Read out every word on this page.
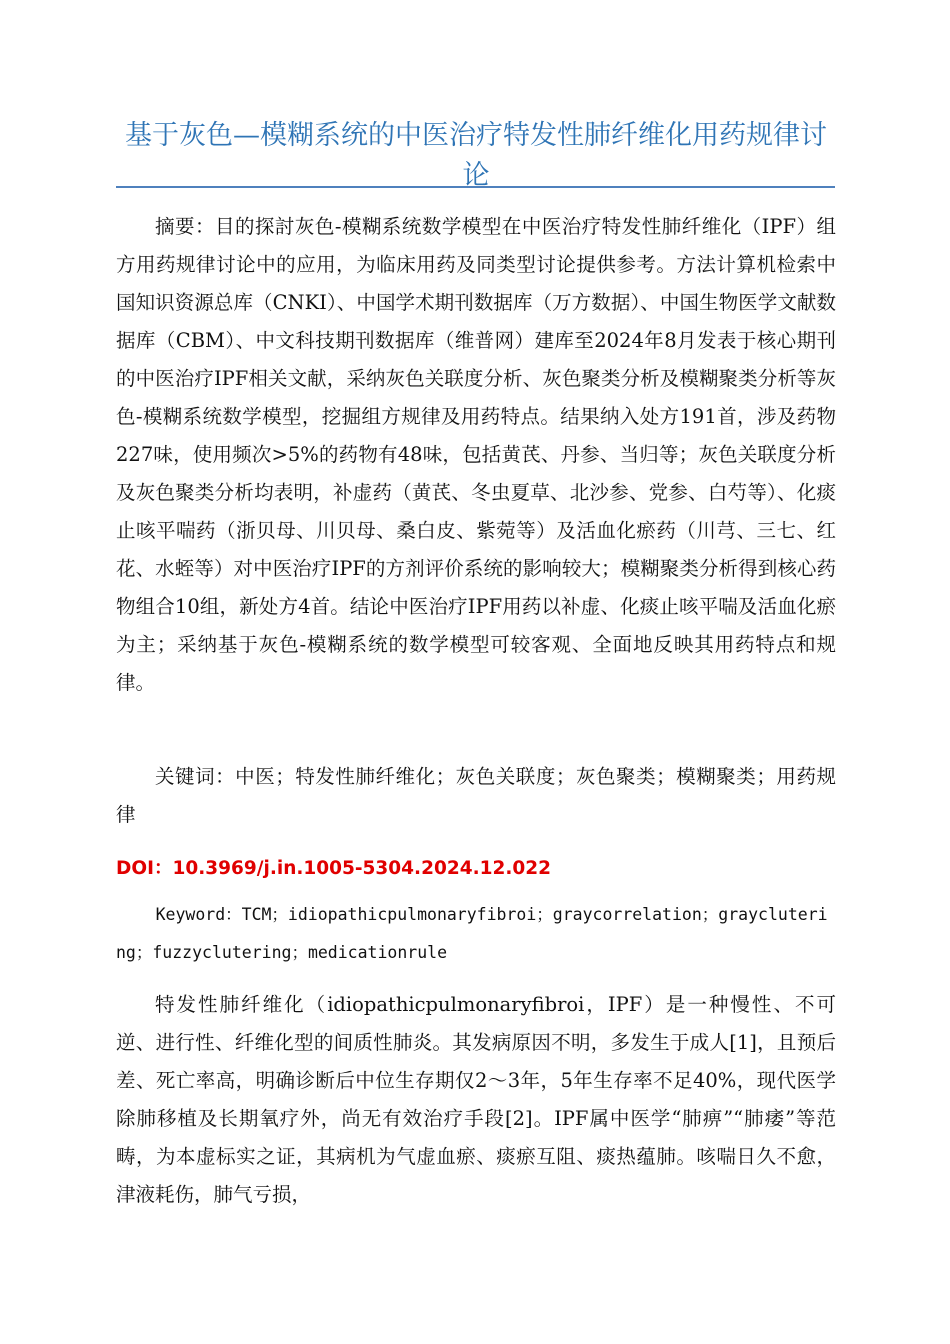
基于灰色—模糊系统的中医治疗特发性肺纤维化用药规律讨论

摘要：目的探討灰色-模糊系统数学模型在中医治疗特发性肺纤维化（IPF）组方用药规律讨论中的应用，为临床用药及同类型讨论提供参考。方法计算机检索中国知识资源总库（CNKI）、中国学术期刊数据库（万方数据）、中国生物医学文献数据库（CBM）、中文科技期刊数据库（维普网）建库至2024年8月发表于核心期刊的中医治疗IPF相关文献，采纳灰色关联度分析、灰色聚类分析及模糊聚类分析等灰色-模糊系统数学模型，挖掘组方规律及用药特点。结果纳入处方191首，涉及药物227味，使用频次>5%的药物有48味，包括黄芪、丹参、当归等；灰色关联度分析及灰色聚类分析均表明，补虚药（黄芪、冬虫夏草、北沙参、党参、白芍等）、化痰止咳平喘药（浙贝母、川贝母、桑白皮、紫菀等）及活血化瘀药（川芎、三七、红花、水蛭等）对中医治疗IPF的方剂评价系统的影响较大；模糊聚类分析得到核心药物组合10组，新处方4首。结论中医治疗IPF用药以补虚、化痰止咳平喘及活血化瘀为主；采纳基于灰色-模糊系统的数学模型可较客观、全面地反映其用药特点和规律。

关键词：中医；特发性肺纤维化；灰色关联度；灰色聚类；模糊聚类；用药规律

DOI：10.3969/j.in.1005-5304.2024.12.022

Keyword：TCM；idiopathicpulmonaryfibroi；graycorrelation；grayclutering；fuzzyclutering；medicationrule

特发性肺纤维化（idiopathicpulmonaryfibroi，IPF）是一种慢性、不可逆、进行性、纤维化型的间质性肺炎。其发病原因不明，多发生于成人[1]，且预后差、死亡率高，明确诊断后中位生存期仅2～3年，5年生存率不足40%，现代医学除肺移植及长期氧疗外，尚无有效治疗手段[2]。IPF属中医学“肺痹”“肺痿”等范畴，为本虚标实之证，其病机为气虚血瘀、痰瘀互阻、痰热蕴肺。咳喘日久不愈，津液耗伤，肺气亏损，
